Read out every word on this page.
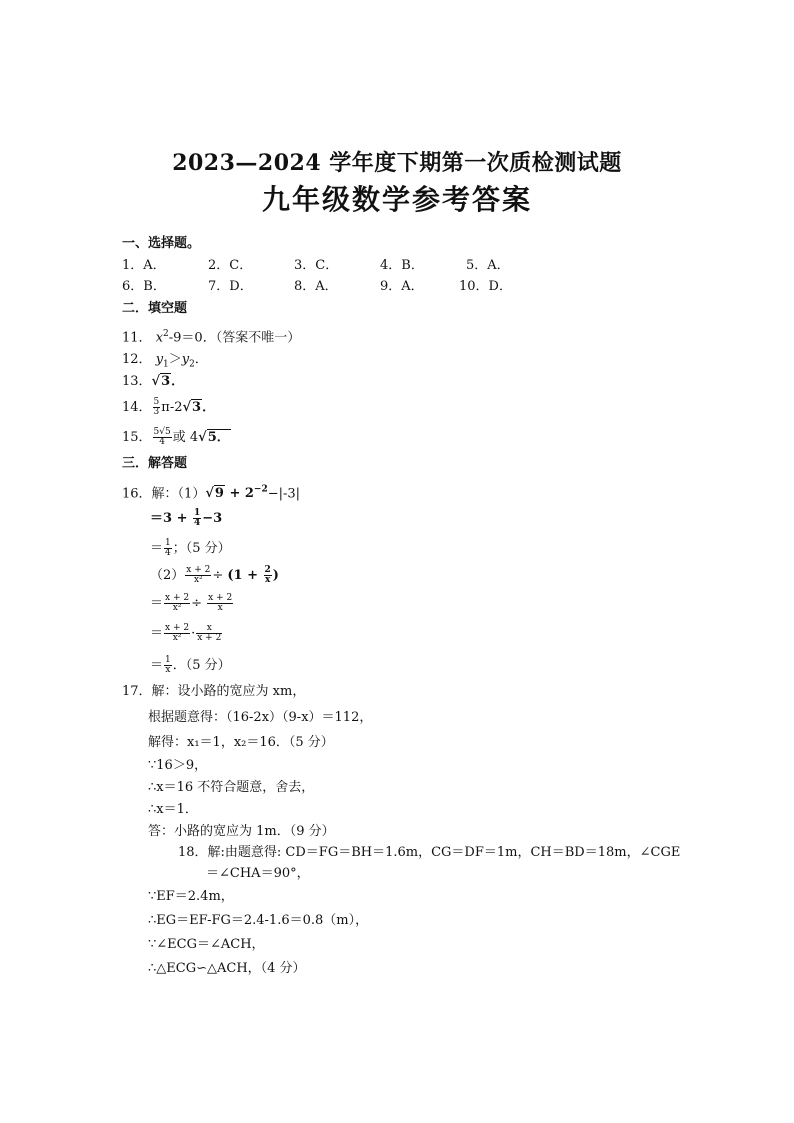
2023—2024 学年度下期第一次质检测试题
九年级数学参考答案
一、选择题。
1．A．	2．C．	3．C．	4．B．	5．A．
6．B．	7．D．	8．A．	9．A．	10．D．
二．填空题
11． $x^2-9=0$．（答案不唯一）
12． $y_1>y_2$．
13．√3．
14． $\frac{5}{3} \pi-2√3$．
15． $\frac{5√5}{4}$ 或 4√5．
三．解答题
16．解：$(1)√9 + 2^{-2}-|-3|$
$=3 + \frac{1}{4} -3$
＝ $\frac{1}{4}$ ；（5 分）
$(2) \frac{x + 2}{\text{x²}} \div (1 + \frac{2}{x}$ )
＝ $\frac{x + 2}{\text{x²}} \div \frac{x + 2}{x}$
＝ $\frac{x + 2}{\text{x²}} \cdot \frac{x}{x + 2}$
＝ $\frac{1}{x}$ ．（5 分）
17．解：设小路的宽应为 xm，
根据题意得：（16-2x）（9-x）＝112，
解得：x₁＝1，x₂＝16．（5 分）
∵16＞9，
∴x＝16 不符合题意，舍去，
∴x＝1．
答：小路的宽应为 1m．（9 分）
18．解:由题意得: CD＝FG＝BH＝1.6m，CG＝DF＝1m，CH＝BD＝18m，∠CGE
＝∠CHA＝90°，
∵EF＝2.4m，
∴EG＝EF-FG＝2.4-1.6＝0.8（m），
∵∠ECG＝∠ACH，
∴△ECG∽△ACH，（4 分）
